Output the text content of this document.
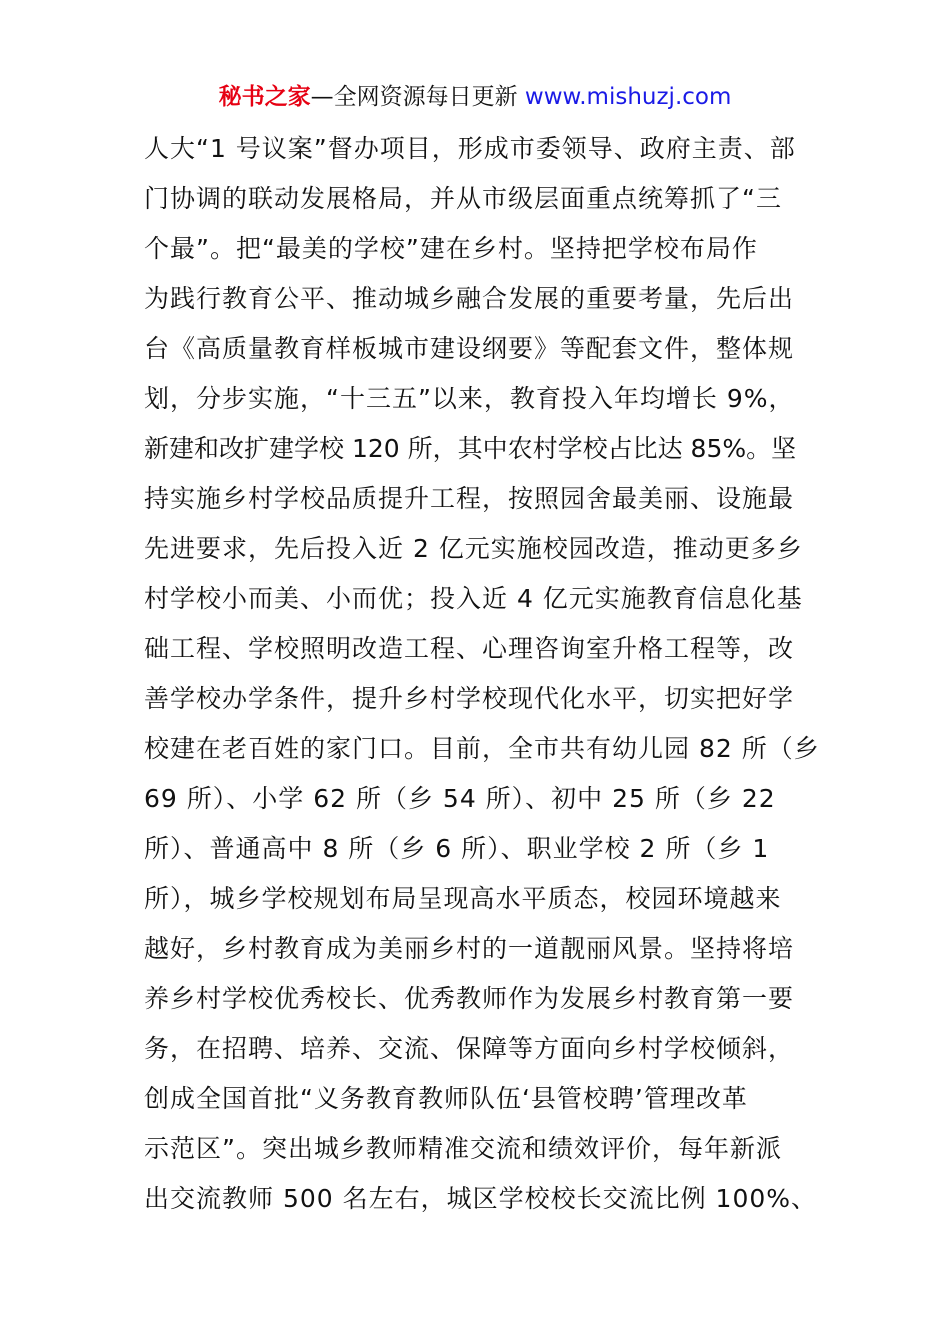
秘书之家—全网资源每日更新 www.mishuzj.com
人大“1 号议案”督办项目，形成市委领导、政府主责、部
门协调的联动发展格局，并从市级层面重点统筹抓了“三
个最”。把“最美的学校”建在乡村。坚持把学校布局作
为践行教育公平、推动城乡融合发展的重要考量，先后出
台《高质量教育样板城市建设纲要》等配套文件，整体规
划，分步实施，“十三五”以来，教育投入年均增长 9%，
新建和改扩建学校 120 所，其中农村学校占比达 85%。坚
持实施乡村学校品质提升工程，按照园舍最美丽、设施最
先进要求，先后投入近 2 亿元实施校园改造，推动更多乡
村学校小而美、小而优；投入近 4 亿元实施教育信息化基
础工程、学校照明改造工程、心理咨询室升格工程等，改
善学校办学条件，提升乡村学校现代化水平，切实把好学
校建在老百姓的家门口。目前，全市共有幼儿园 82 所（乡
69 所）、小学 62 所（乡 54 所）、初中 25 所（乡 22
所）、普通高中 8 所（乡 6 所）、职业学校 2 所（乡 1
所），城乡学校规划布局呈现高水平质态，校园环境越来
越好，乡村教育成为美丽乡村的一道靓丽风景。坚持将培
养乡村学校优秀校长、优秀教师作为发展乡村教育第一要
务，在招聘、培养、交流、保障等方面向乡村学校倾斜，
创成全国首批“义务教育教师队伍‘县管校聘’管理改革
示范区”。突出城乡教师精准交流和绩效评价，每年新派
出交流教师 500 名左右，城区学校校长交流比例 100%、
